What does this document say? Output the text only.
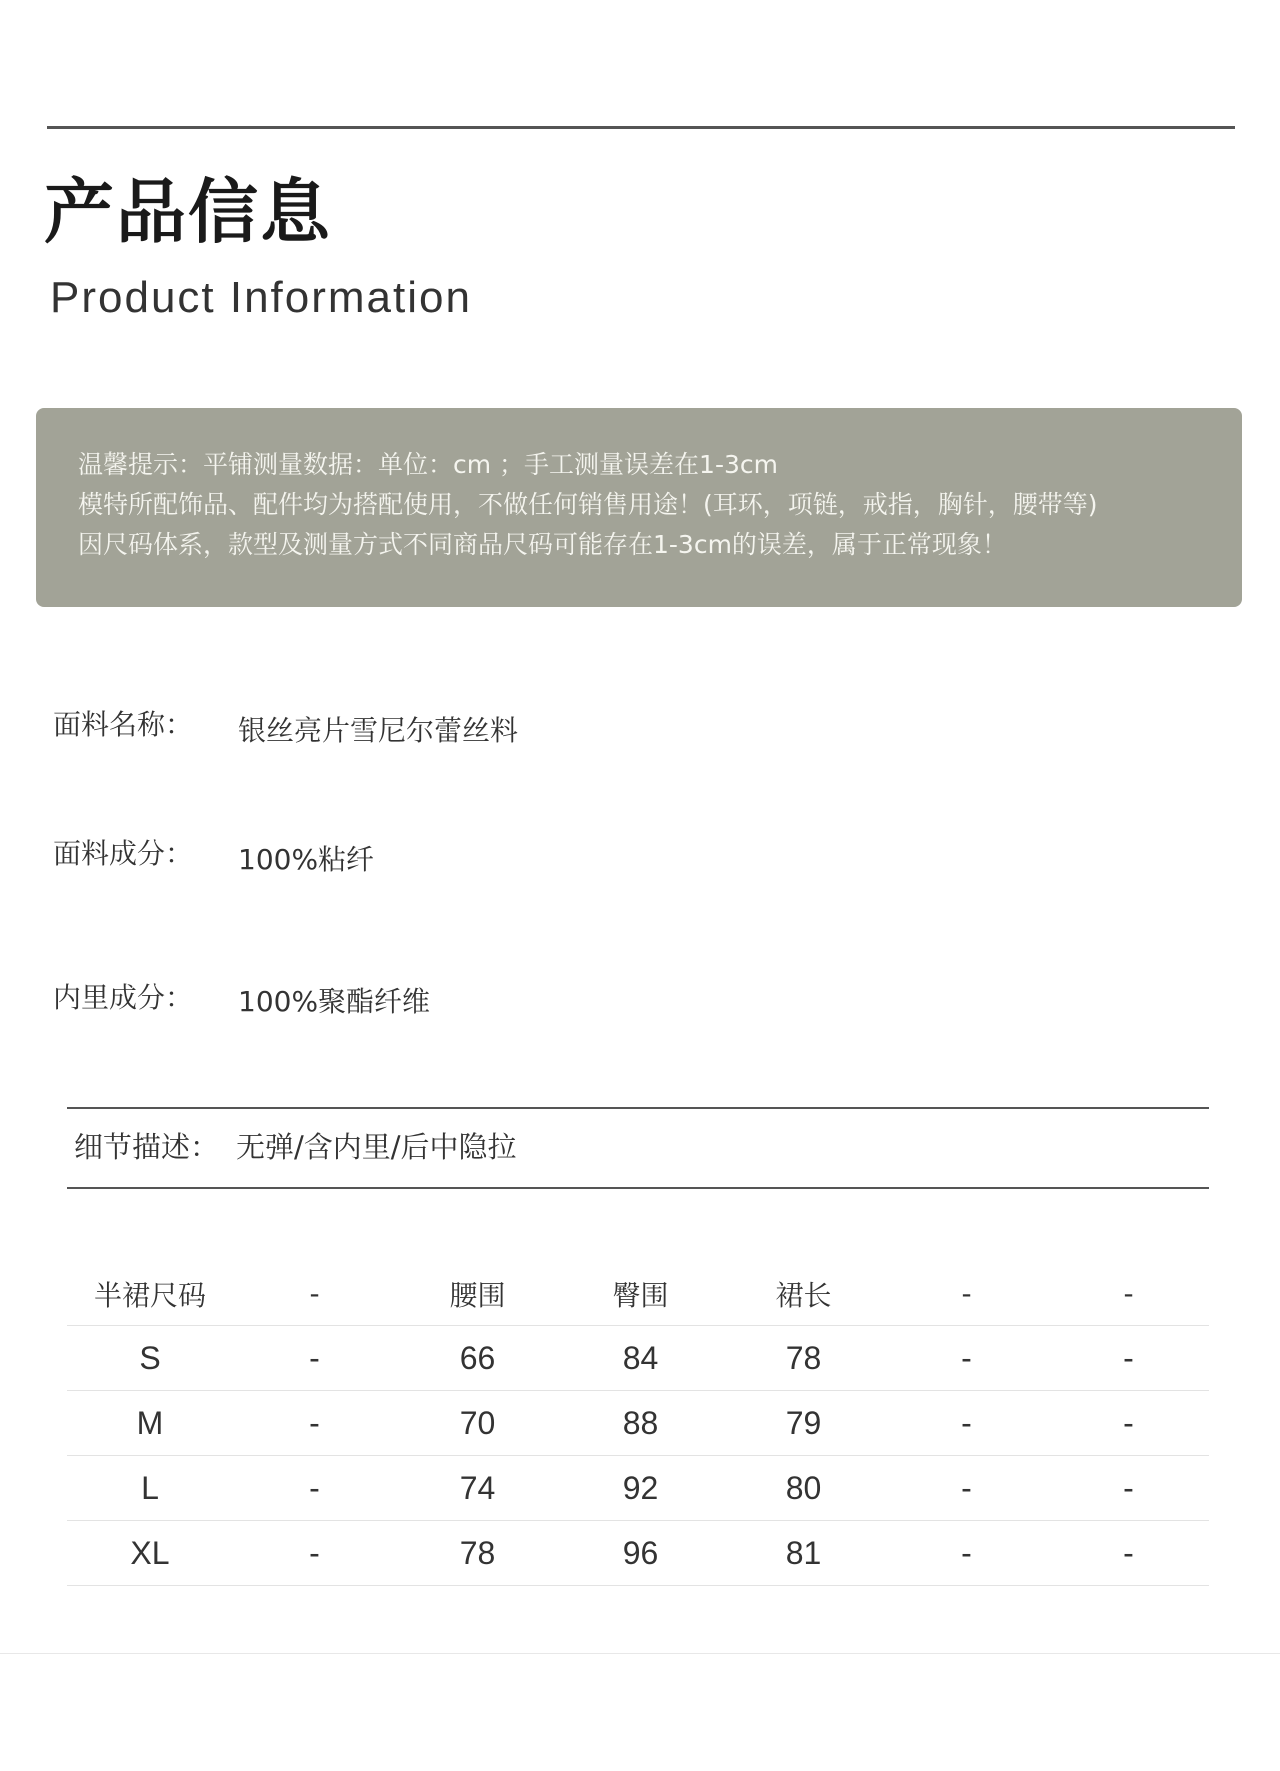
产品信息
Product Information
温馨提示：平铺测量数据：单位：cm ；手工测量误差在1-3cm
模特所配饰品、配件均为搭配使用，不做任何销售用途！(耳环，项链，戒指，胸针，腰带等)
因尺码体系，款型及测量方式不同商品尺码可能存在1-3cm的误差，属于正常现象！
面料名称： 银丝亮片雪尼尔蕾丝料
面料成分： 100%粘纤
内里成分： 100%聚酯纤维
细节描述： 无弹/含内里/后中隐拉
半裙尺码	-	腰围	臀围	裙长	-	-
S	-	66	84	78	-	-
M	-	70	88	79	-	-
L	-	74	92	80	-	-
XL	-	78	96	81	-	-
